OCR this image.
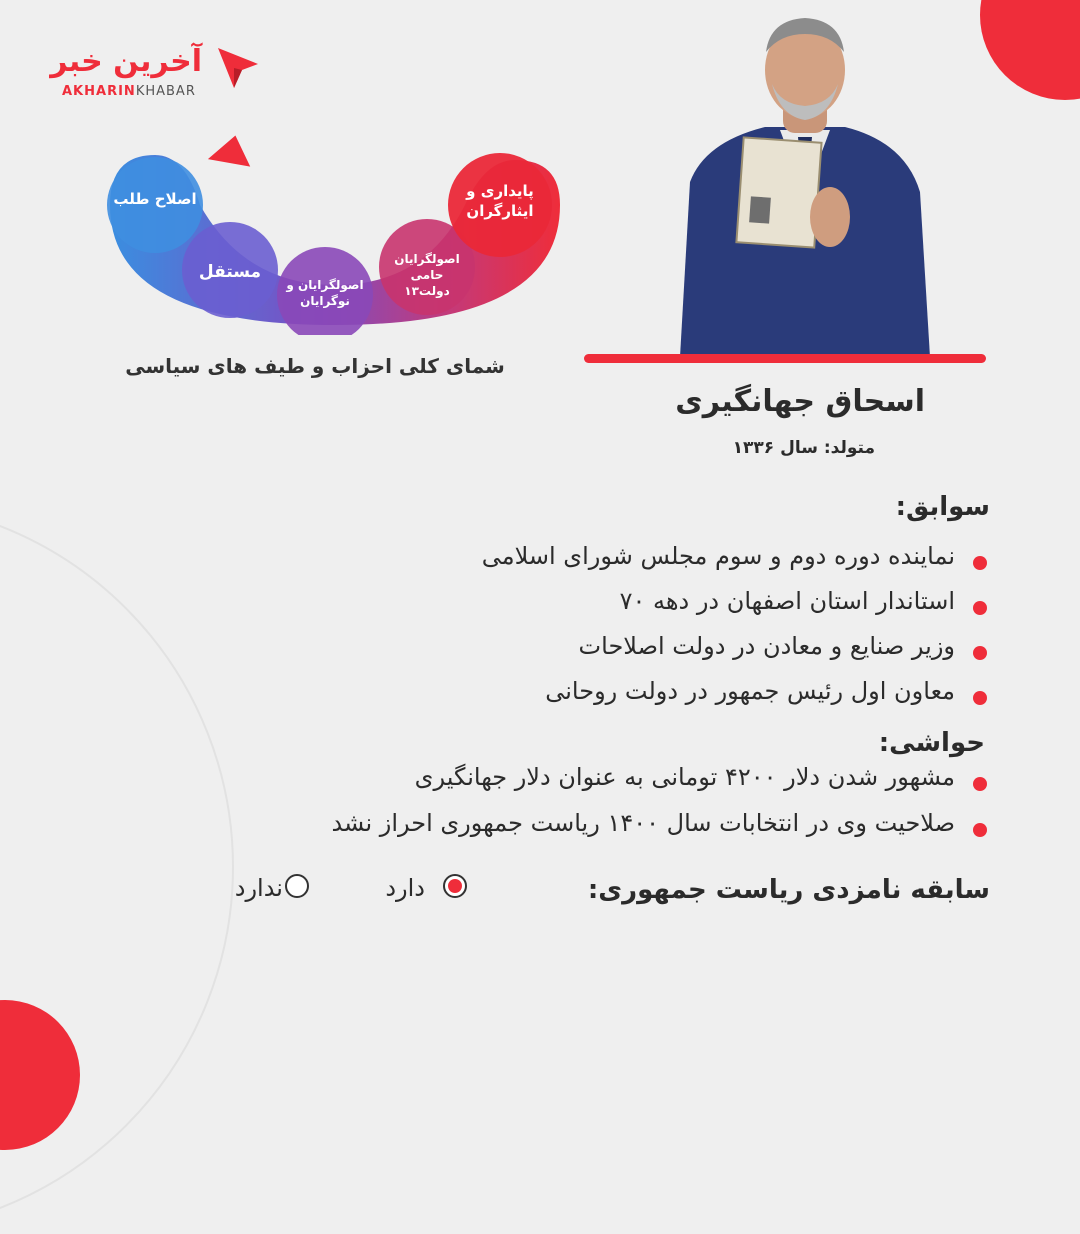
آخرین خبر
AKHARINKHABAR
اصلاح طلب
مستقل
اصولگرایان و نوگرایان
اصولگرایان حامی دولت۱۳
پایداری و ایثارگران
شمای کلی احزاب و طیف های سیاسی
اسحاق جهانگیری
متولد: سال ۱۳۳۶
سوابق:
نماینده دوره دوم و سوم مجلس شورای اسلامی
استاندار استان اصفهان در دهه ۷۰
وزیر صنایع و معادن در دولت اصلاحات
معاون اول رئیس جمهور در دولت روحانی
حواشی:
مشهور شدن دلار ۴۲۰۰ تومانی به عنوان دلار جهانگیری
صلاحیت وی در انتخابات سال ۱۴۰۰ ریاست جمهوری احراز نشد
سابقه نامزدی ریاست جمهوری:
دارد
ندارد
